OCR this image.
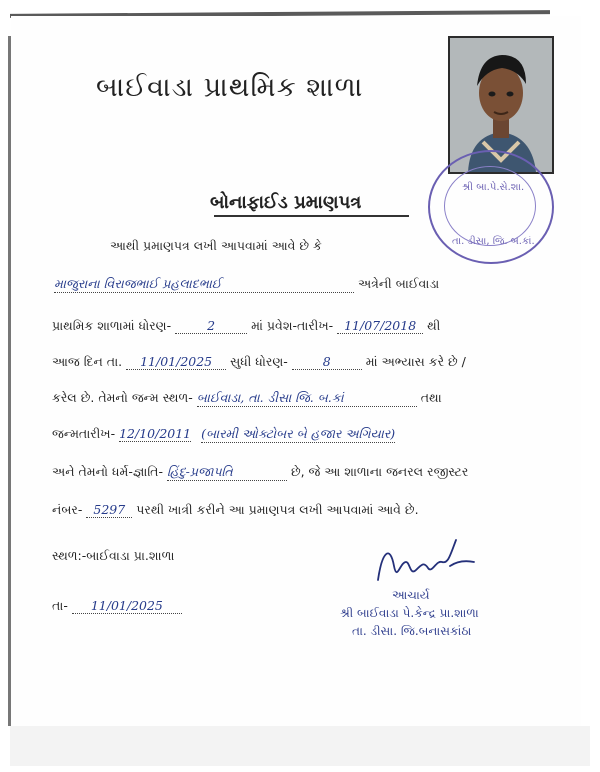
બાઈવાડા પ્રાથમિક શાળા
શ્રી બા.પે.સે.શા.
તા. ડીસા, જિ. બ.કાં.
બોનાફાઈડ પ્રમાણપત્ર
આથી પ્રમાણપત્ર લખી આપવામાં આવે છે કે
માજુરાના વિરાજભાઈ પ્રહલાદભાઈ	અત્રેની બાઈવાડા
પ્રાથમિક શાળામાં ધોરણ-	2	માં પ્રવેશ-તારીખ- 11/07/2018 થી
આજ દિન તા. 11/01/2025 સુધી ધોરણ-	8	માં અભ્યાસ કરે છે /
કરેલ છે. તેમનો જન્મ સ્થળ- બાઈવાડા, તા. ડીસા જિ. બ.કાં	તથા
જન્મતારીખ- 12/10/2011 (બારમી ઓક્ટોબર બે હજાર અગિયાર)
અને તેમનો ધર્મ-જ્ઞાતિ- હિંદુ-પ્રજાપતિ	છે, જે આ શાળાના જનરલ રજીસ્ટર
નંબર- 5297 પરથી ખાત્રી કરીને આ પ્રમાણપત્ર લખી આપવામાં આવે છે.
સ્થળ:-બાઈવાડા પ્રા.શાળા
તા- 11/01/2025
આચાર્ય
શ્રી બાઈવાડા પે.કેન્દ્ર પ્રા.શાળા
તા. ડીસા. જિ.બનાસકાંઠા
